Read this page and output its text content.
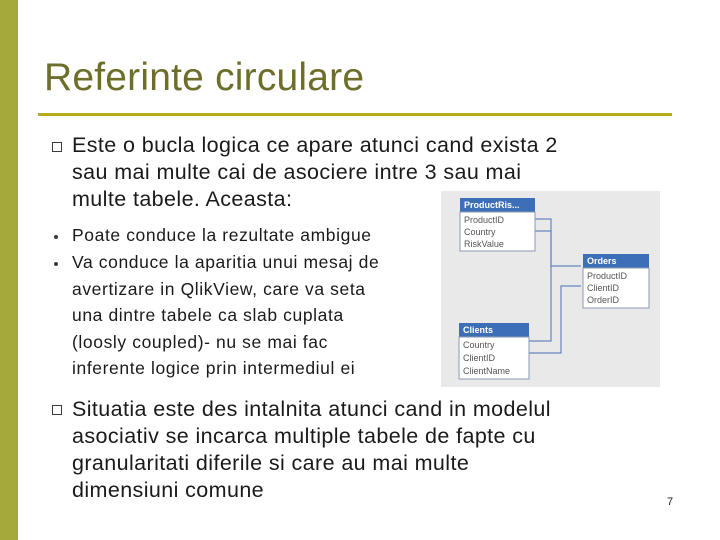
Referinte circulare
Este o bucla logica ce apare atunci cand exista 2
sau mai multe cai de asociere intre 3 sau mai
multe tabele. Aceasta:
Poate conduce la rezultate ambigue
Va conduce la aparitia unui mesaj de
avertizare in QlikView, care va seta
una dintre tabele ca slab cuplata
(loosly coupled)- nu se mai fac
inferente logice prin intermediul ei
Situatia este des intalnita atunci cand in modelul
asociativ se incarca multiple tabele de fapte cu
granularitati diferile si care au mai multe
dimensiuni comune	7
ProductRis...
ProductID
Country
RiskValue
Orders
ProductID
ClientID
OrderID
Clients
Country
ClientID
ClientName
